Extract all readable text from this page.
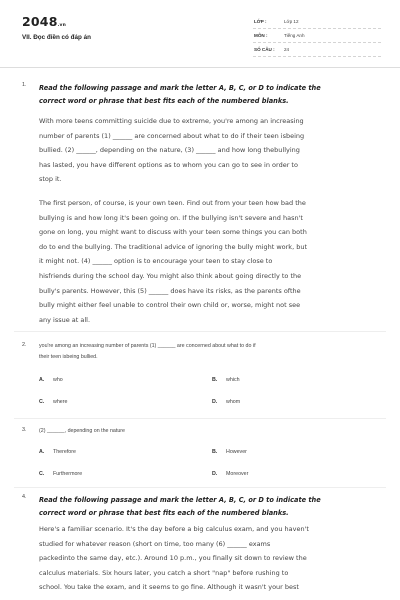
2048.vn
VII. Đọc điền có đáp án
LỚP :	Lớp 12
MÔN :	Tiếng Anh
SỐ CÂU : 24
1. Read the following passage and mark the letter A, B, C, or D to indicate the
correct word or phrase that best fits each of the numbered blanks.
With more teens committing suicide due to extreme, you're among an increasing
number of parents (1) ______ are concerned about what to do if their teen isbeing
bullied. (2) ______, depending on the nature, (3) ______ and how long thebullying
has lasted, you have different options as to whom you can go to see in order to
stop it.
The first person, of course, is your own teen. Find out from your teen how bad the
bullying is and how long it's been going on. If the bullying isn't severe and hasn't
gone on long, you might want to discuss with your teen some things you can both
do to end the bullying. The traditional advice of ignoring the bully might work, but
it might not. (4) ______ option is to encourage your teen to stay close to
hisfriends during the school day. You might also think about going directly to the
bully's parents. However, this (5) ______ does have its risks, as the parents ofthe
bully might either feel unable to control their own child or, worse, might not see
any issue at all.
2. you're among an increasing number of parents (1) ______ are concerned about what to do if
their teen isbeing bullied.
A. who	B. which
C. where	D. whom
3. (2) ______, depending on the nature
A. Therefore	B. However
C. Furthermore	D. Moreover
4. Read the following passage and mark the letter A, B, C, or D to indicate the
correct word or phrase that best fits each of the numbered blanks.
Here's a familiar scenario. It's the day before a big calculus exam, and you haven't
studied for whatever reason (short on time, too many (6) ______ exams
packedinto the same day, etc.). Around 10 p.m., you finally sit down to review the
calculus materials. Six hours later, you catch a short "nap" before rushing to
school. You take the exam, and it seems to go fine. Although it wasn't your best
